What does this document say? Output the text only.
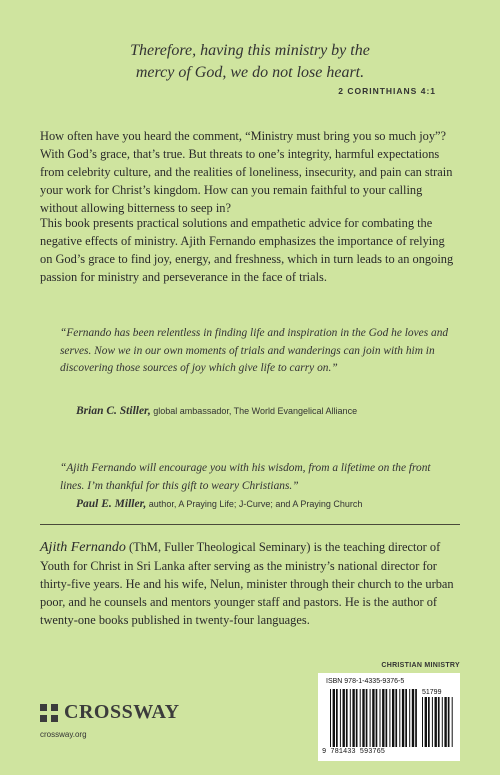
Therefore, having this ministry by the
mercy of God, we do not lose heart.
2 CORINTHIANS 4:1

How often have you heard the comment, “Ministry must bring you so much joy”? With God’s grace, that’s true. But threats to one’s integrity, harmful expectations from celebrity culture, and the realities of loneliness, insecurity, and pain can strain your work for Christ’s kingdom. How can you remain faithful to your calling without allowing bitterness to seep in?

This book presents practical solutions and empathetic advice for combating the negative effects of ministry. Ajith Fernando emphasizes the importance of relying on God’s grace to find joy, energy, and freshness, which in turn leads to an ongoing passion for ministry and perseverance in the face of trials.

“Fernando has been relentless in finding life and inspiration in the God he loves and serves. Now we in our own moments of trials and wanderings can join with him in discovering those sources of joy which give life to carry on.”

Brian C. Stiller, global ambassador, The World Evangelical Alliance

“Ajith Fernando will encourage you with his wisdom, from a lifetime on the front lines. I’m thankful for this gift to weary Christians.”

Paul E. Miller, author, A Praying Life; J-Curve; and A Praying Church

Ajith Fernando (ThM, Fuller Theological Seminary) is the teaching director of Youth for Christ in Sri Lanka after serving as the ministry’s national director for thirty-five years. He and his wife, Nelun, minister through their church to the urban poor, and he counsels and mentors younger staff and pastors. He is the author of twenty-one books published in twenty-four languages.

CHRISTIAN MINISTRY
CROSSWAY
crossway.org
ISBN 978-1-4335-9376-5
51799
9 781433 593765
